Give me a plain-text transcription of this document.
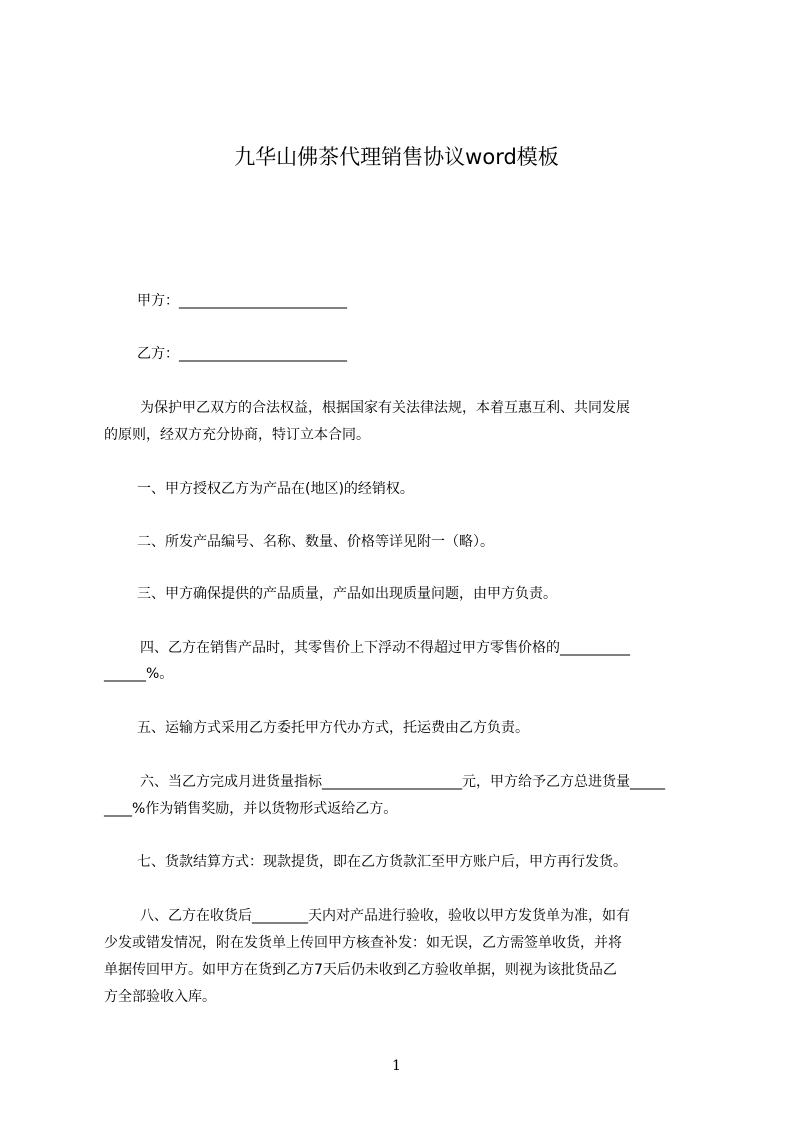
九华山佛茶代理销售协议word模板
甲方：________________________
乙方：________________________
为保护甲乙双方的合法权益，根据国家有关法律法规，本着互惠互利、共同发展
的原则，经双方充分协商，特订立本合同。
一、甲方授权乙方为产品在(地区)的经销权。
二、所发产品编号、名称、数量、价格等详见附一（略）。
三、甲方确保提供的产品质量，产品如出现质量问题，由甲方负责。
四、乙方在销售产品时，其零售价上下浮动不得超过甲方零售价格的__________
______%。
五、运输方式采用乙方委托甲方代办方式，托运费由乙方负责。
六、当乙方完成月进货量指标____________________元，甲方给予乙方总进货量_____
____%作为销售奖励，并以货物形式返给乙方。
七、货款结算方式：现款提货，即在乙方货款汇至甲方账户后，甲方再行发货。
八、乙方在收货后________天内对产品进行验收，验收以甲方发货单为准，如有
少发或错发情况，附在发货单上传回甲方核查补发：如无误，乙方需签单收货，并将
单据传回甲方。如甲方在货到乙方7天后仍未收到乙方验收单据，则视为该批货品乙
方全部验收入库。
1
